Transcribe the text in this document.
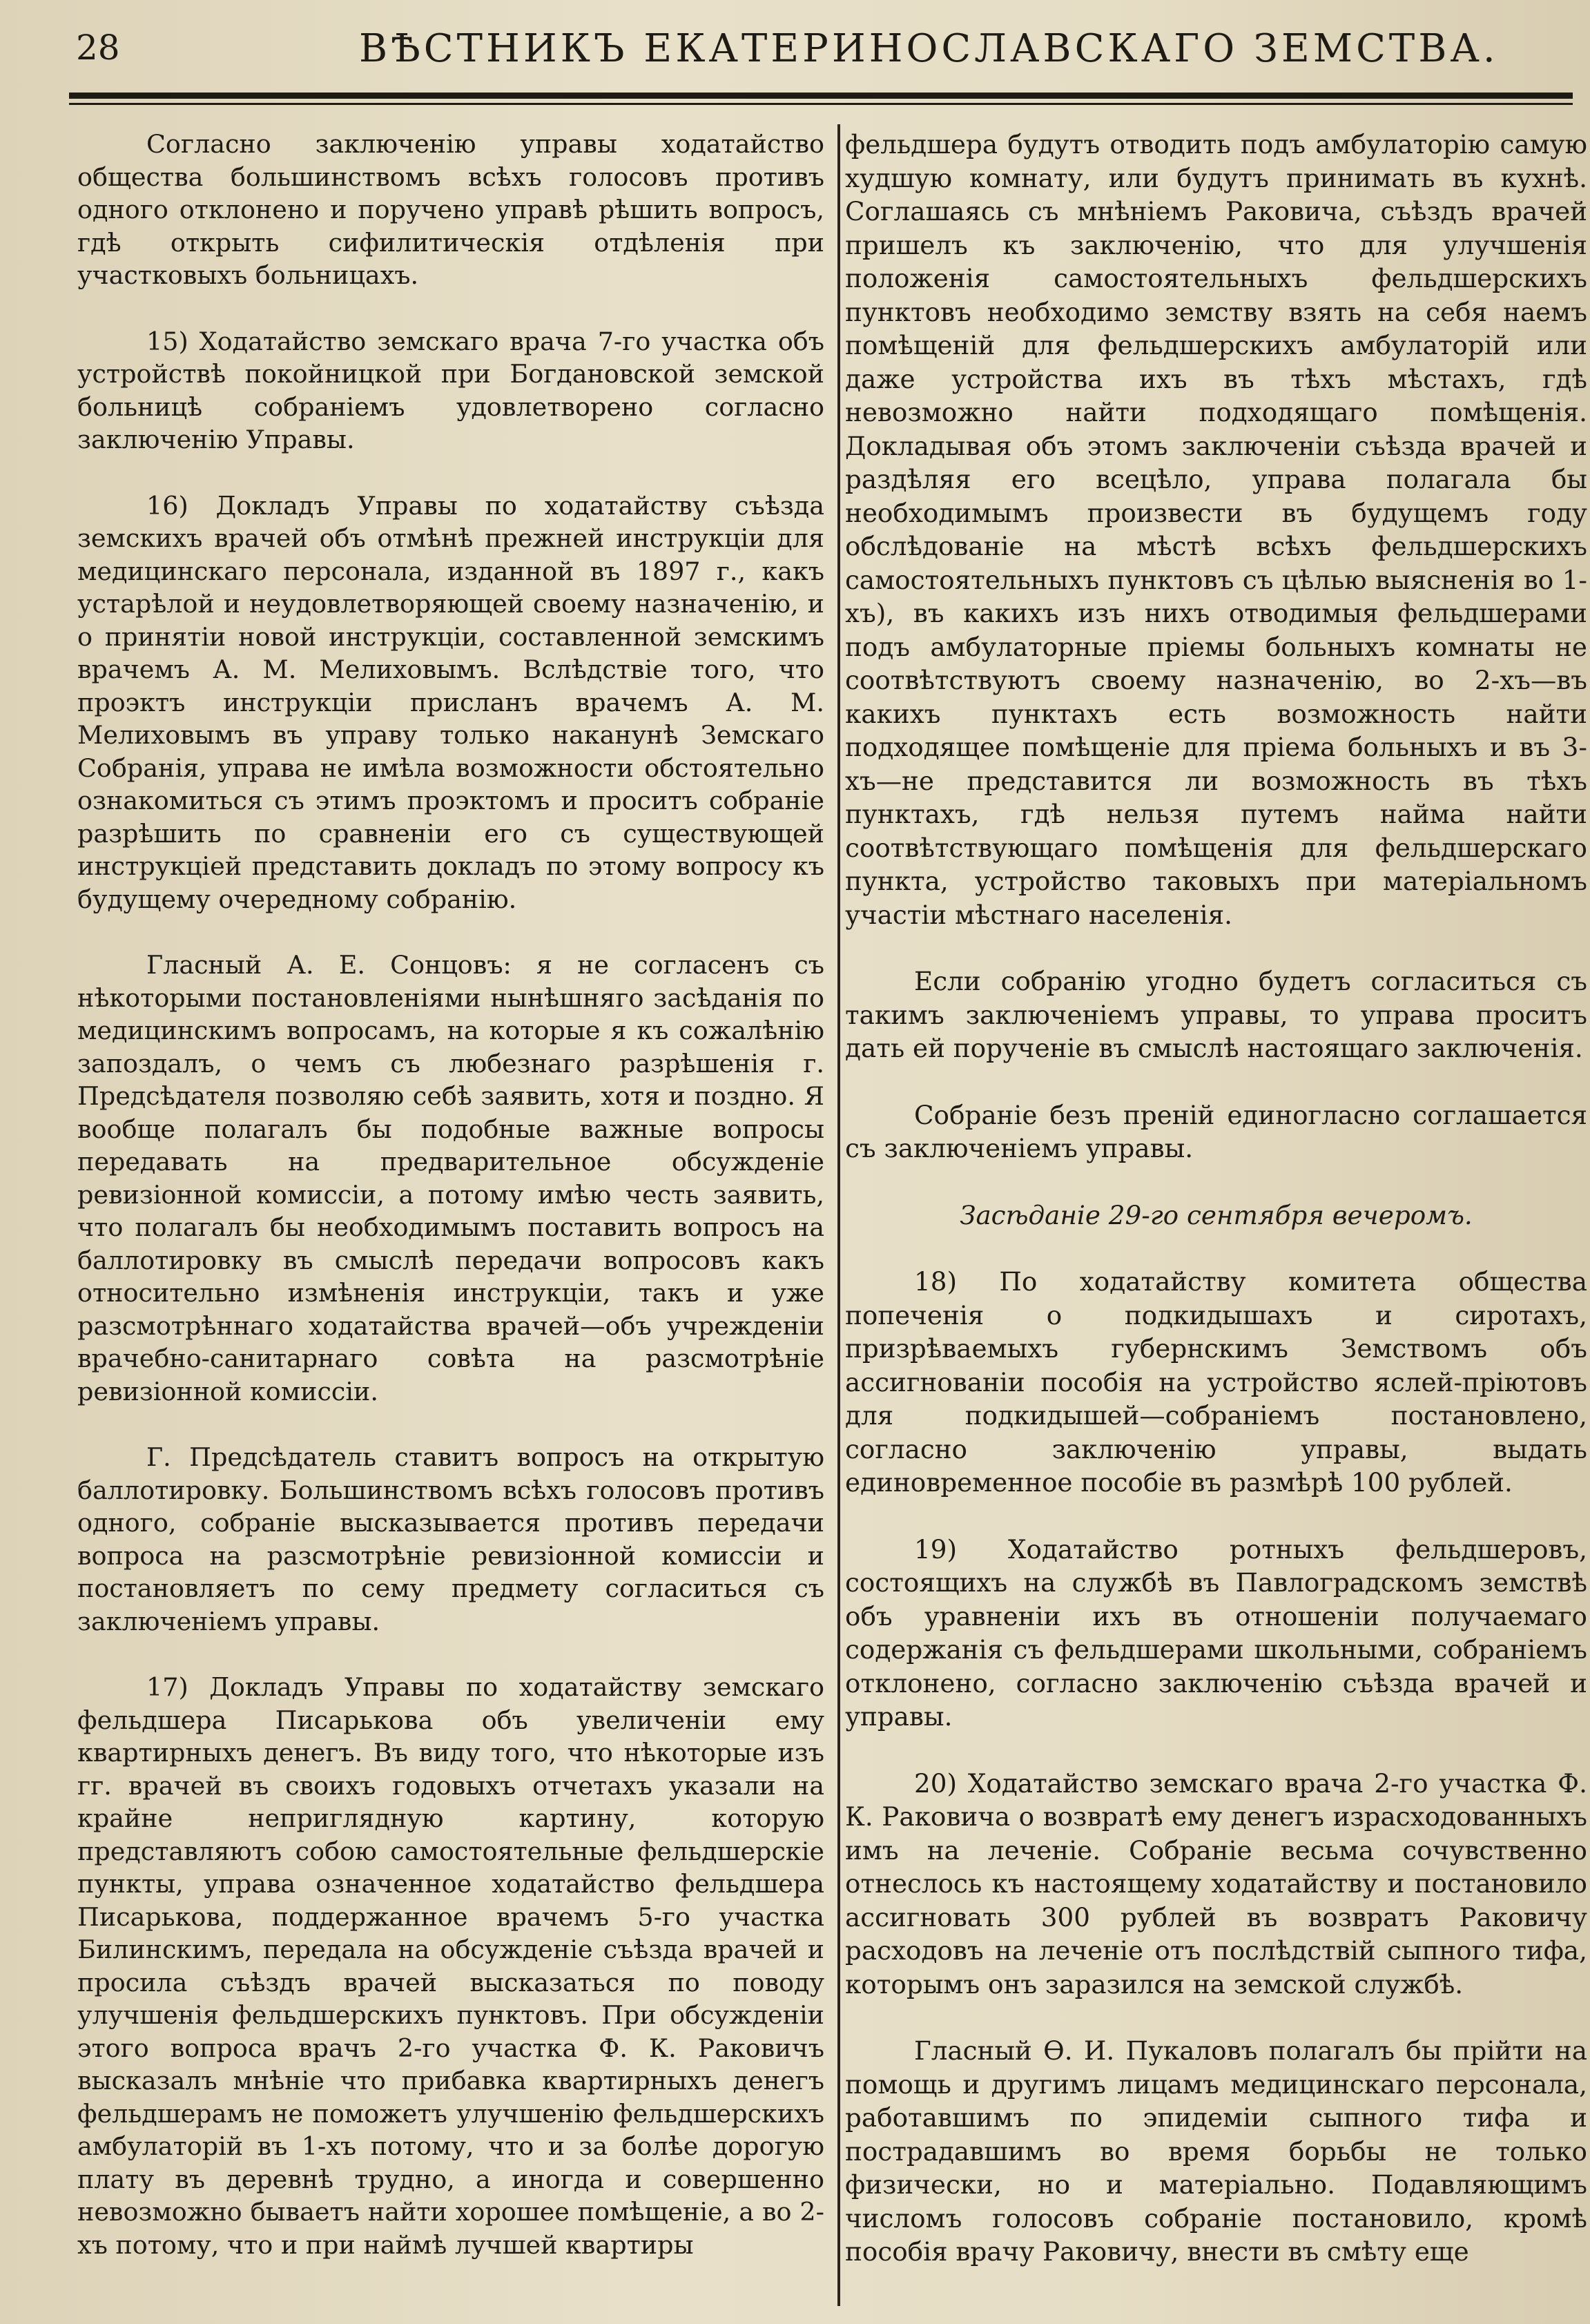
28	ВѢСТНИКЪ ЕКАТЕРИНОСЛАВСКАГО ЗЕМСТВА.

Согласно заключенію управы ходатайство общества большинствомъ всѣхъ голосовъ противъ одного отклонено и поручено управѣ рѣшить вопросъ, гдѣ открыть сифилитическія отдѣленія при участковыхъ больницахъ.

15) Ходатайство земскаго врача 7-го участка объ устройствѣ покойницкой при Богдановской земской больницѣ собраніемъ удовлетворено согласно заключенію Управы.

16) Докладъ Управы по ходатайству съѣзда земскихъ врачей объ отмѣнѣ прежней инструкціи для медицинскаго персонала, изданной въ 1897 г., какъ устарѣлой и неудовлетворяющей своему назначенію, и о принятіи новой инструкціи, составленной земскимъ врачемъ А. М. Мелиховымъ. Вслѣдствіе того, что проэктъ инструкціи присланъ врачемъ А. М. Мелиховымъ въ управу только наканунѣ Земскаго Собранія, управа не имѣла возможности обстоятельно ознакомиться съ этимъ проэктомъ и проситъ собраніе разрѣшить по сравненіи его съ существующей инструкціей представить докладъ по этому вопросу къ будущему очередному собранію.

Гласный А. Е. Сонцовъ: я не согласенъ съ нѣкоторыми постановленіями нынѣшняго засѣданія по медицинскимъ вопросамъ, на которые я къ сожалѣнію запоздалъ, о чемъ съ любезнаго разрѣшенія г. Предсѣдателя позволяю себѣ заявить, хотя и поздно. Я вообще полагалъ бы подобные важные вопросы передавать на предварительное обсужденіе ревизіонной комиссіи, а потому имѣю честь заявить, что полагалъ бы необходимымъ поставить вопросъ на баллотировку въ смыслѣ передачи вопросовъ какъ относительно измѣненія инструкціи, такъ и уже разсмотрѣннаго ходатайства врачей—объ учрежденіи врачебно-санитарнаго совѣта на разсмотрѣніе ревизіонной комиссіи.

Г. Предсѣдатель ставитъ вопросъ на открытую баллотировку. Большинствомъ всѣхъ голосовъ противъ одного, собраніе высказывается противъ передачи вопроса на разсмотрѣніе ревизіонной комиссіи и постановляетъ по сему предмету согласиться съ заключеніемъ управы.

17) Докладъ Управы по ходатайству земскаго фельдшера Писарькова объ увеличеніи ему квартирныхъ денегъ. Въ виду того, что нѣкоторые изъ гг. врачей въ своихъ годовыхъ отчетахъ указали на крайне неприглядную картину, которую представляютъ собою самостоятельные фельдшерскіе пункты, управа означенное ходатайство фельдшера Писарькова, поддержанное врачемъ 5-го участка Билинскимъ, передала на обсужденіе съѣзда врачей и просила съѣздъ врачей высказаться по поводу улучшенія фельдшерскихъ пунктовъ. При обсужденіи этого вопроса врачъ 2-го участка Ф. К. Раковичъ высказалъ мнѣніе что прибавка квартирныхъ денегъ фельдшерамъ не поможетъ улучшенію фельдшерскихъ амбулаторій въ 1-хъ потому, что и за болѣе дорогую плату въ деревнѣ трудно, а иногда и совершенно невозможно бываетъ найти хорошее помѣщеніе, а во 2-хъ потому, что и при наймѣ лучшей квартиры

фельдшера будутъ отводить подъ амбулаторію самую худшую комнату, или будутъ принимать въ кухнѣ. Соглашаясь съ мнѣніемъ Раковича, съѣздъ врачей пришелъ къ заключенію, что для улучшенія положенія самостоятельныхъ фельдшерскихъ пунктовъ необходимо земству взять на себя наемъ помѣщеній для фельдшерскихъ амбулаторій или даже устройства ихъ въ тѣхъ мѣстахъ, гдѣ невозможно найти подходящаго помѣщенія. Докладывая объ этомъ заключеніи съѣзда врачей и раздѣляя его всецѣло, управа полагала бы необходимымъ произвести въ будущемъ году обслѣдованіе на мѣстѣ всѣхъ фельдшерскихъ самостоятельныхъ пунктовъ съ цѣлью выясненія во 1-хъ), въ какихъ изъ нихъ отводимыя фельдшерами подъ амбулаторные пріемы больныхъ комнаты не соотвѣтствуютъ своему назначенію, во 2-хъ—въ какихъ пунктахъ есть возможность найти подходящее помѣщеніе для пріема больныхъ и въ 3-хъ—не представится ли возможность въ тѣхъ пунктахъ, гдѣ нельзя путемъ найма найти соотвѣтствующаго помѣщенія для фельдшерскаго пункта, устройство таковыхъ при матеріальномъ участіи мѣстнаго населенія.

Если собранію угодно будетъ согласиться съ такимъ заключеніемъ управы, то управа проситъ дать ей порученіе въ смыслѣ настоящаго заключенія.

Собраніе безъ преній единогласно соглашается съ заключеніемъ управы.

Засѣданіе 29-го сентября вечеромъ.

18) По ходатайству комитета общества попеченія о подкидышахъ и сиротахъ, призрѣваемыхъ губернскимъ Земствомъ объ ассигнованіи пособія на устройство яслей-пріютовъ для подкидышей—собраніемъ постановлено, согласно заключенію управы, выдать единовременное пособіе въ размѣрѣ 100 рублей.

19) Ходатайство ротныхъ фельдшеровъ, состоящихъ на службѣ въ Павлоградскомъ земствѣ объ уравненіи ихъ въ отношеніи получаемаго содержанія съ фельдшерами школьными, собраніемъ отклонено, согласно заключенію съѣзда врачей и управы.

20) Ходатайство земскаго врача 2-го участка Ф. К. Раковича о возвратѣ ему денегъ израсходованныхъ имъ на леченіе. Собраніе весьма сочувственно отнеслось къ настоящему ходатайству и постановило ассигновать 300 рублей въ возвратъ Раковичу расходовъ на леченіе отъ послѣдствій сыпного тифа, которымъ онъ заразился на земской службѣ.

Гласный Ѳ. И. Пукаловъ полагалъ бы прійти на помощь и другимъ лицамъ медицинскаго персонала, работавшимъ по эпидеміи сыпного тифа и пострадавшимъ во время борьбы не только физически, но и матеріально. Подавляющимъ числомъ голосовъ собраніе постановило, кромѣ пособія врачу Раковичу, внести въ смѣту еще
